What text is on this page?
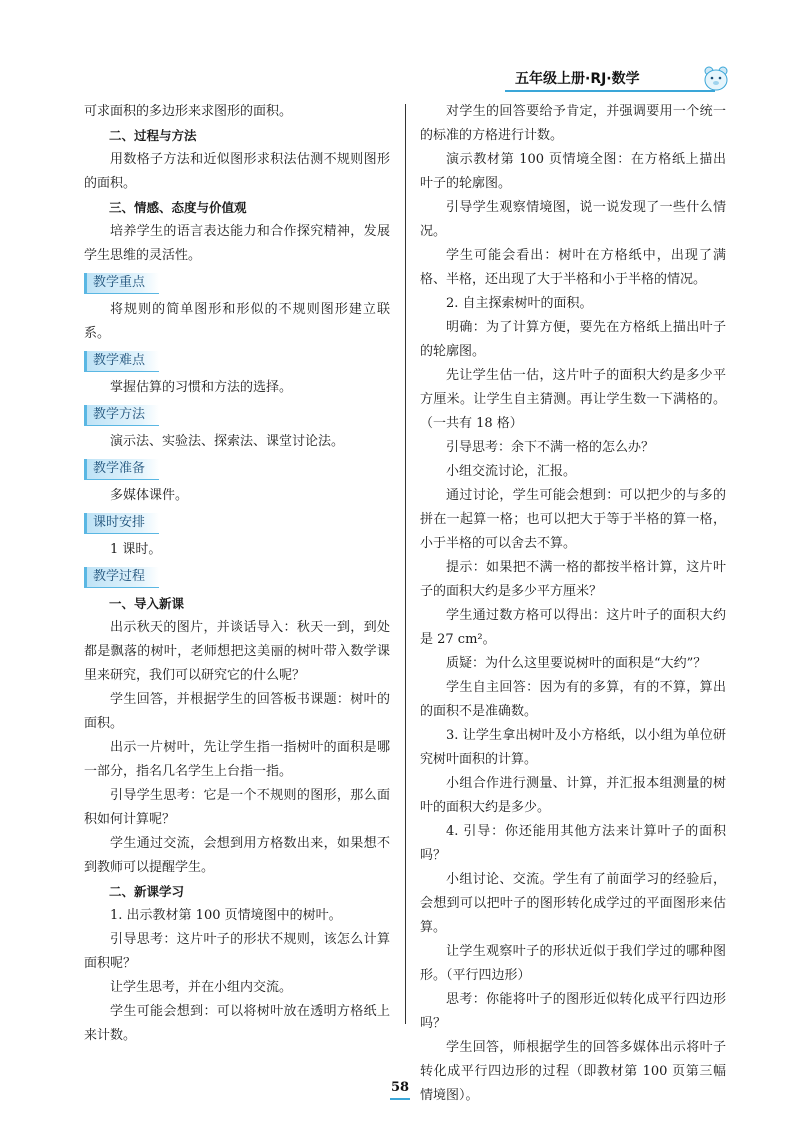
五年级上册·RJ·数学

可求面积的多边形来求图形的面积。

二、过程与方法

用数格子方法和近似图形求积法估测不规则图形的面积。

三、情感、态度与价值观

培养学生的语言表达能力和合作探究精神，发展学生思维的灵活性。

教学重点

将规则的简单图形和形似的不规则图形建立联系。

教学难点

掌握估算的习惯和方法的选择。

教学方法

演示法、实验法、探索法、课堂讨论法。

教学准备

多媒体课件。

课时安排

1 课时。

教学过程

一、导入新课

出示秋天的图片，并谈话导入：秋天一到，到处都是飘落的树叶，老师想把这美丽的树叶带入数学课里来研究，我们可以研究它的什么呢？

学生回答，并根据学生的回答板书课题：树叶的面积。

出示一片树叶，先让学生指一指树叶的面积是哪一部分，指名几名学生上台指一指。

引导学生思考：它是一个不规则的图形，那么面积如何计算呢？

学生通过交流，会想到用方格数出来，如果想不到教师可以提醒学生。

二、新课学习

1. 出示教材第 100 页情境图中的树叶。

引导思考：这片叶子的形状不规则，该怎么计算面积呢？

让学生思考，并在小组内交流。

学生可能会想到：可以将树叶放在透明方格纸上来计数。

对学生的回答要给予肯定，并强调要用一个统一的标准的方格进行计数。

演示教材第 100 页情境全图：在方格纸上描出叶子的轮廓图。

引导学生观察情境图，说一说发现了一些什么情况。

学生可能会看出：树叶在方格纸中，出现了满格、半格，还出现了大于半格和小于半格的情况。

2. 自主探索树叶的面积。

明确：为了计算方便，要先在方格纸上描出叶子的轮廓图。

先让学生估一估，这片叶子的面积大约是多少平方厘米。让学生自主猜测。再让学生数一下满格的。（一共有 18 格）

引导思考：余下不满一格的怎么办？

小组交流讨论，汇报。

通过讨论，学生可能会想到：可以把少的与多的拼在一起算一格；也可以把大于等于半格的算一格，小于半格的可以舍去不算。

提示：如果把不满一格的都按半格计算，这片叶子的面积大约是多少平方厘米？

学生通过数方格可以得出：这片叶子的面积大约是 27 cm²。

质疑：为什么这里要说树叶的面积是“大约”？

学生自主回答：因为有的多算，有的不算，算出的面积不是准确数。

3. 让学生拿出树叶及小方格纸，以小组为单位研究树叶面积的计算。

小组合作进行测量、计算，并汇报本组测量的树叶的面积大约是多少。

4. 引导：你还能用其他方法来计算叶子的面积吗？

小组讨论、交流。学生有了前面学习的经验后，会想到可以把叶子的图形转化成学过的平面图形来估算。

让学生观察叶子的形状近似于我们学过的哪种图形。（平行四边形）

思考：你能将叶子的图形近似转化成平行四边形吗？

学生回答，师根据学生的回答多媒体出示将叶子转化成平行四边形的过程（即教材第 100 页第三幅情境图）。

58
